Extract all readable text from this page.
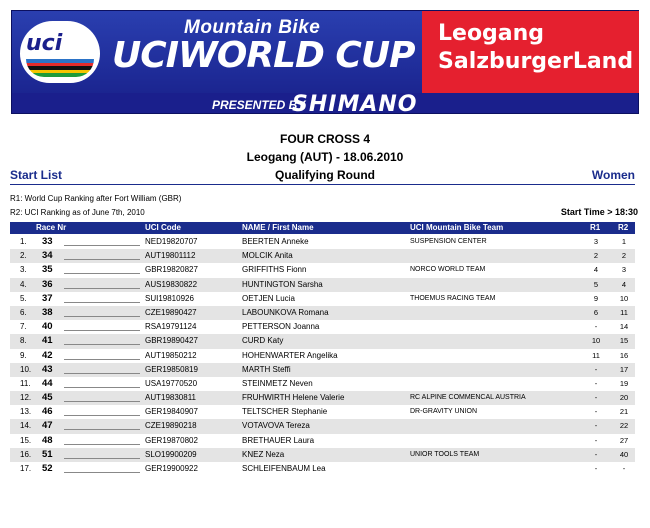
uci
Mountain Bike
UCIWORLD CUP
Leogang
SalzburgerLand
PRESENTED BY
SHIMANO
FOUR CROSS 4
Leogang (AUT) - 18.06.2010
Qualifying Round
Start List	Women
R1: World Cup Ranking after Fort William (GBR)
R2: UCI Ranking as of June 7th, 2010	Start Time > 18:30
Race Nr	UCI Code	NAME / First Name	UCI Mountain Bike Team	R1 R2
1.	33	NED19820707	BEERTEN Anneke	SUSPENSION CENTER	3	1
2.	34	AUT19801112	MOLCIK Anita	2	2
3.	35	GBR19820827	GRIFFITHS Fionn	NORCO WORLD TEAM	4	3
4.	36	AUS19830822	HUNTINGTON Sarsha	5	4
5.	37	SUI19810926	OETJEN Lucia	THOEMUS RACING TEAM	9	10
6.	38	CZE19890427	LABOUNKOVA Romana	6	11
7.	40	RSA19791124	PETTERSON Joanna	-	14
8.	41	GBR19890427	CURD Katy	10	15
9.	42	AUT19850212	HOHENWARTER Angelika	11	16
10.	43	GER19850819	MARTH Steffi	-	17
11.	44	USA19770520	STEINMETZ Neven	-	19
12.	45	AUT19830811	FRUHWIRTH Helene Valerie	RC ALPINE COMMENCAL AUSTRIA	-	20
13.	46	GER19840907	TELTSCHER Stephanie	DR-GRAVITY UNION	-	21
14.	47	CZE19890218	VOTAVOVA Tereza	-	22
15.	48	GER19870802	BRETHAUER Laura	-	27
16.	51	SLO19900209	KNEZ Neza	UNIOR TOOLS TEAM	-	40
17.	52	GER19900922	SCHLEIFENBAUM Lea	-	-
